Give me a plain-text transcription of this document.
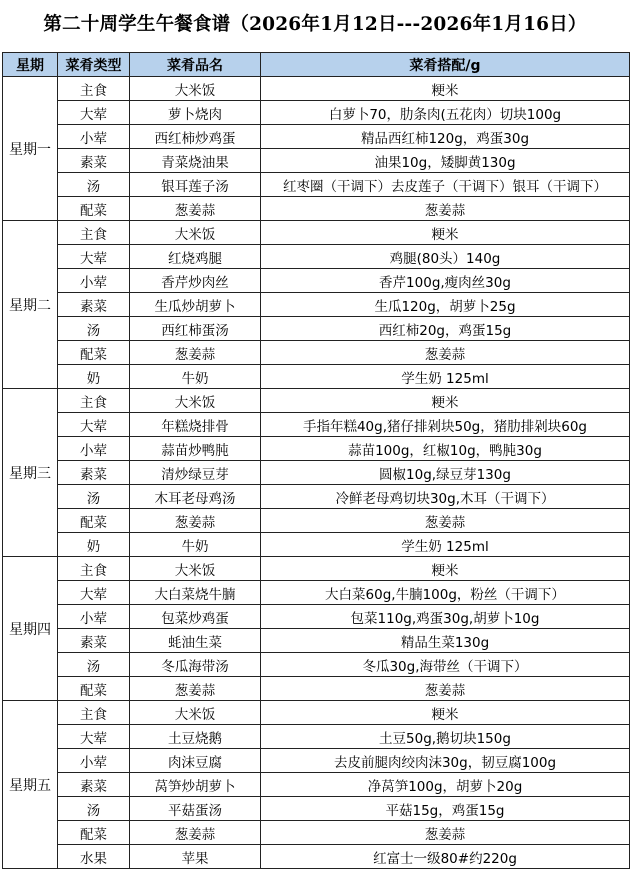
第二十周学生午餐食谱（2026年1月12日---2026年1月16日）
星期	菜肴类型	菜肴品名	菜肴搭配/g
星期一	主食	大米饭	粳米
	大荤	萝卜烧肉	白萝卜70，肋条肉(五花肉）切块100g
	小荤	西红柿炒鸡蛋	精品西红柿120g，鸡蛋30g
	素菜	青菜烧油果	油果10g，矮脚黄130g
	汤	银耳莲子汤	红枣圈（干调下）去皮莲子（干调下）银耳（干调下）
	配菜	葱姜蒜	葱姜蒜
星期二	主食	大米饭	粳米
	大荤	红烧鸡腿	鸡腿(80头）140g
	小荤	香芹炒肉丝	香芹100g,瘦肉丝30g
	素菜	生瓜炒胡萝卜	生瓜120g，胡萝卜25g
	汤	西红柿蛋汤	西红柿20g，鸡蛋15g
	配菜	葱姜蒜	葱姜蒜
	奶	牛奶	学生奶 125ml
星期三	主食	大米饭	粳米
	大荤	年糕烧排骨	手指年糕40g,猪仔排剁块50g，猪肋排剁块60g
	小荤	蒜苗炒鸭肫	蒜苗100g，红椒10g，鸭肫30g
	素菜	清炒绿豆芽	圆椒10g,绿豆芽130g
	汤	木耳老母鸡汤	冷鲜老母鸡切块30g,木耳（干调下）
	配菜	葱姜蒜	葱姜蒜
	奶	牛奶	学生奶 125ml
星期四	主食	大米饭	粳米
	大荤	大白菜烧牛腩	大白菜60g,牛腩100g，粉丝（干调下）
	小荤	包菜炒鸡蛋	包菜110g,鸡蛋30g,胡萝卜10g
	素菜	蚝油生菜	精品生菜130g
	汤	冬瓜海带汤	冬瓜30g,海带丝（干调下）
	配菜	葱姜蒜	葱姜蒜
星期五	主食	大米饭	粳米
	大荤	土豆烧鹅	土豆50g,鹅切块150g
	小荤	肉沫豆腐	去皮前腿肉绞肉沫30g，韧豆腐100g
	素菜	莴笋炒胡萝卜	净莴笋100g，胡萝卜20g
	汤	平菇蛋汤	平菇15g，鸡蛋15g
	配菜	葱姜蒜	葱姜蒜
	水果	苹果	红富士一级80#约220g
